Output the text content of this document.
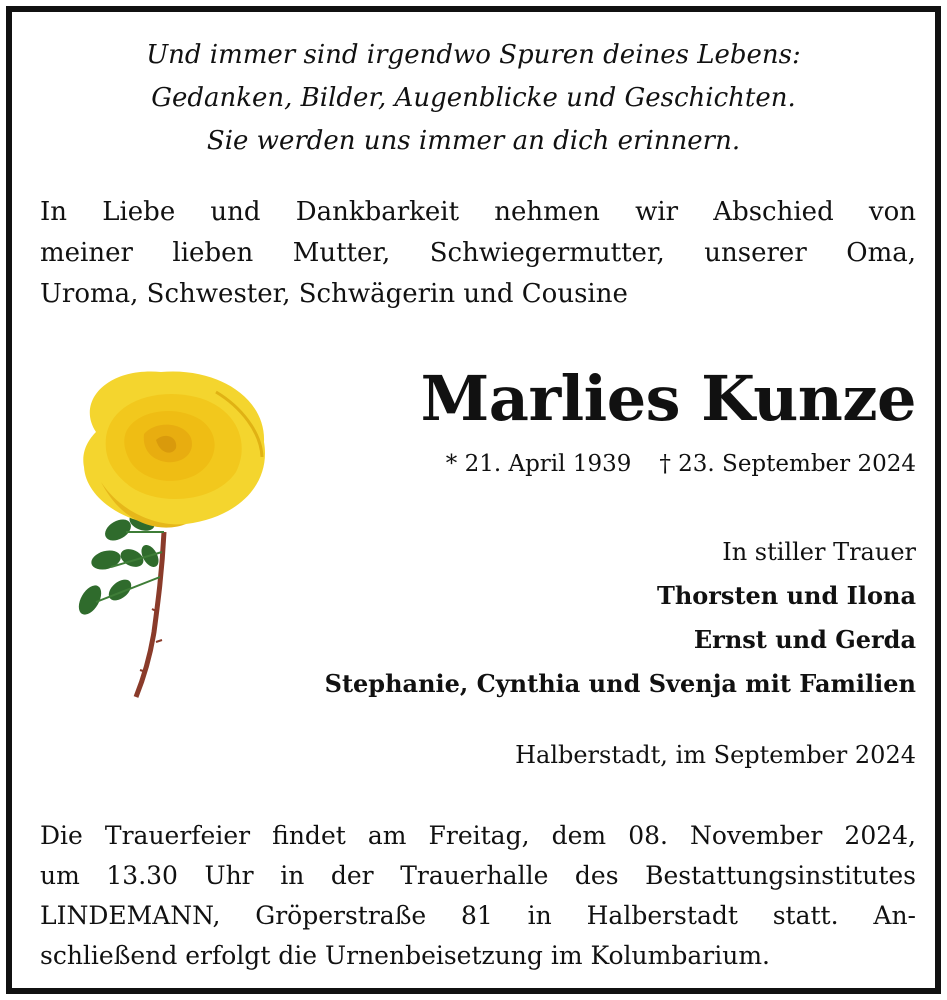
Und immer sind irgendwo Spuren deines Lebens:
Gedanken, Bilder, Augenblicke und Geschichten.
Sie werden uns immer an dich erinnern.
In Liebe und Dankbarkeit nehmen wir Abschied von
meiner lieben Mutter, Schwiegermutter, unserer Oma,
Uroma, Schwester, Schwägerin und Cousine
Marlies Kunze
* 21. April 1939 † 23. September 2024
In stiller Trauer
Thorsten und Ilona
Ernst und Gerda
Stephanie, Cynthia und Svenja mit Familien
Halberstadt, im September 2024
Die Trauerfeier findet am Freitag, dem 08. November 2024,
um 13.30 Uhr in der Trauerhalle des Bestattungsinstitutes
LINDEMANN, Gröperstraße 81 in Halberstadt statt. An-
schließend erfolgt die Urnenbeisetzung im Kolumbarium.
